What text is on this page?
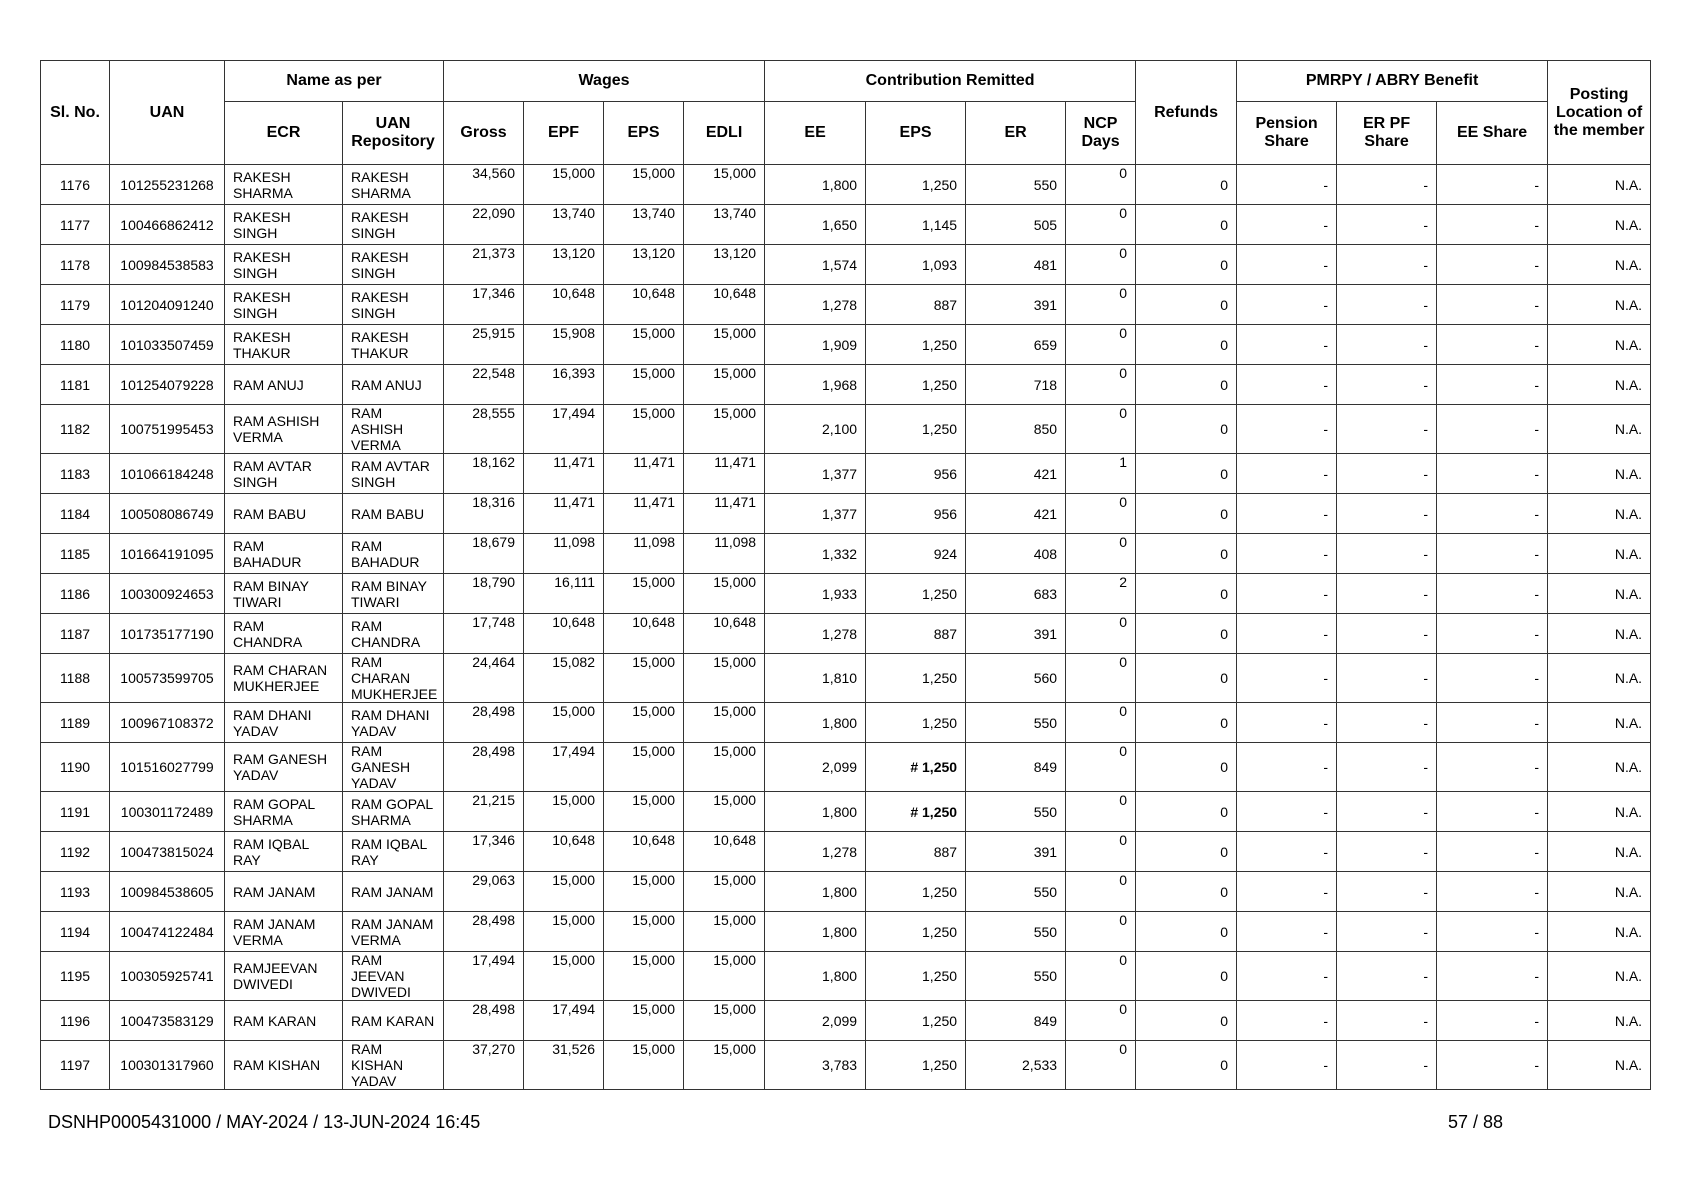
Sl. No.	UAN	Name as per		Wages				Contribution Remitted				Refunds	PMRPY / ABRY Benefit			Posting Location of the member
		ECR	UAN Repository	Gross	EPF	EPS	EDLI	EE	EPS	ER	NCP Days		Pension Share	ER PF Share	EE Share	
1176	101255231268	RAKESH SHARMA	RAKESH SHARMA	34,560	15,000	15,000	15,000	1,800	1,250	550	0	0	-	-	-	N.A.
1177	100466862412	RAKESH SINGH	RAKESH SINGH	22,090	13,740	13,740	13,740	1,650	1,145	505	0	0	-	-	-	N.A.
1178	100984538583	RAKESH SINGH	RAKESH SINGH	21,373	13,120	13,120	13,120	1,574	1,093	481	0	0	-	-	-	N.A.
1179	101204091240	RAKESH SINGH	RAKESH SINGH	17,346	10,648	10,648	10,648	1,278	887	391	0	0	-	-	-	N.A.
1180	101033507459	RAKESH THAKUR	RAKESH THAKUR	25,915	15,908	15,000	15,000	1,909	1,250	659	0	0	-	-	-	N.A.
1181	101254079228	RAM ANUJ	RAM ANUJ	22,548	16,393	15,000	15,000	1,968	1,250	718	0	0	-	-	-	N.A.
1182	100751995453	RAM ASHISH VERMA	RAM ASHISH VERMA	28,555	17,494	15,000	15,000	2,100	1,250	850	0	0	-	-	-	N.A.
1183	101066184248	RAM AVTAR SINGH	RAM AVTAR SINGH	18,162	11,471	11,471	11,471	1,377	956	421	1	0	-	-	-	N.A.
1184	100508086749	RAM BABU	RAM BABU	18,316	11,471	11,471	11,471	1,377	956	421	0	0	-	-	-	N.A.
1185	101664191095	RAM BAHADUR	RAM BAHADUR	18,679	11,098	11,098	11,098	1,332	924	408	0	0	-	-	-	N.A.
1186	100300924653	RAM BINAY TIWARI	RAM BINAY TIWARI	18,790	16,111	15,000	15,000	1,933	1,250	683	2	0	-	-	-	N.A.
1187	101735177190	RAM CHANDRA	RAM CHANDRA	17,748	10,648	10,648	10,648	1,278	887	391	0	0	-	-	-	N.A.
1188	100573599705	RAM CHARAN MUKHERJEE	RAM CHARAN MUKHERJEE	24,464	15,082	15,000	15,000	1,810	1,250	560	0	0	-	-	-	N.A.
1189	100967108372	RAM DHANI YADAV	RAM DHANI YADAV	28,498	15,000	15,000	15,000	1,800	1,250	550	0	0	-	-	-	N.A.
1190	101516027799	RAM GANESH YADAV	RAM GANESH YADAV	28,498	17,494	15,000	15,000	2,099	# 1,250	849	0	0	-	-	-	N.A.
1191	100301172489	RAM GOPAL SHARMA	RAM GOPAL SHARMA	21,215	15,000	15,000	15,000	1,800	# 1,250	550	0	0	-	-	-	N.A.
1192	100473815024	RAM IQBAL RAY	RAM IQBAL RAY	17,346	10,648	10,648	10,648	1,278	887	391	0	0	-	-	-	N.A.
1193	100984538605	RAM JANAM	RAM JANAM	29,063	15,000	15,000	15,000	1,800	1,250	550	0	0	-	-	-	N.A.
1194	100474122484	RAM JANAM VERMA	RAM JANAM VERMA	28,498	15,000	15,000	15,000	1,800	1,250	550	0	0	-	-	-	N.A.
1195	100305925741	RAMJEEVAN DWIVEDI	RAM JEEVAN DWIVEDI	17,494	15,000	15,000	15,000	1,800	1,250	550	0	0	-	-	-	N.A.
1196	100473583129	RAM KARAN	RAM KARAN	28,498	17,494	15,000	15,000	2,099	1,250	849	0	0	-	-	-	N.A.
1197	100301317960	RAM KISHAN	RAM KISHAN YADAV	37,270	31,526	15,000	15,000	3,783	1,250	2,533	0	0	-	-	-	N.A.
DSNHP0005431000 / MAY-2024 / 13-JUN-2024 16:45	57 / 88
